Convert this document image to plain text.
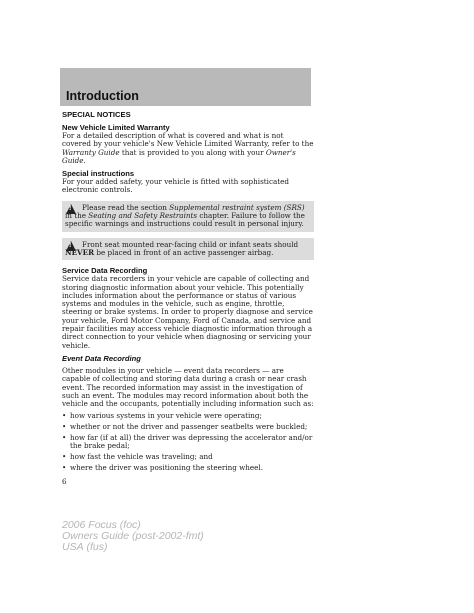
Introduction
SPECIAL NOTICES
New Vehicle Limited Warranty

For a detailed description of what is covered and what is not covered by your vehicle's New Vehicle Limited Warranty, refer to the Warranty Guide that is provided to you along with your Owner's Guide.

Special instructions

For your added safety, your vehicle is fitted with sophisticated electronic controls.

!

Please read the section Supplemental restraint system (SRS) in the Seating and Safety Restraints chapter. Failure to follow the specific warnings and instructions could result in personal injury.

!

Front seat mounted rear-facing child or infant seats should NEVER be placed in front of an active passenger airbag.

Service Data Recording

Service data recorders in your vehicle are capable of collecting and storing diagnostic information about your vehicle. This potentially includes information about the performance or status of various systems and modules in the vehicle, such as engine, throttle, steering or brake systems. In order to properly diagnose and service your vehicle, Ford Motor Company, Ford of Canada, and service and repair facilities may access vehicle diagnostic information through a direct connection to your vehicle when diagnosing or servicing your vehicle.

Event Data Recording

Other modules in your vehicle — event data recorders — are capable of collecting and storing data during a crash or near crash event. The recorded information may assist in the investigation of such an event. The modules may record information about both the vehicle and the occupants, potentially including information such as:

• how various systems in your vehicle were operating;
• whether or not the driver and passenger seatbelts were buckled;
• how far (if at all) the driver was depressing the accelerator and/or the brake pedal;
• how fast the vehicle was traveling; and
• where the driver was positioning the steering wheel.
6
2006 Focus (foc)
Owners Guide (post-2002-fmt)
USA (fus)
